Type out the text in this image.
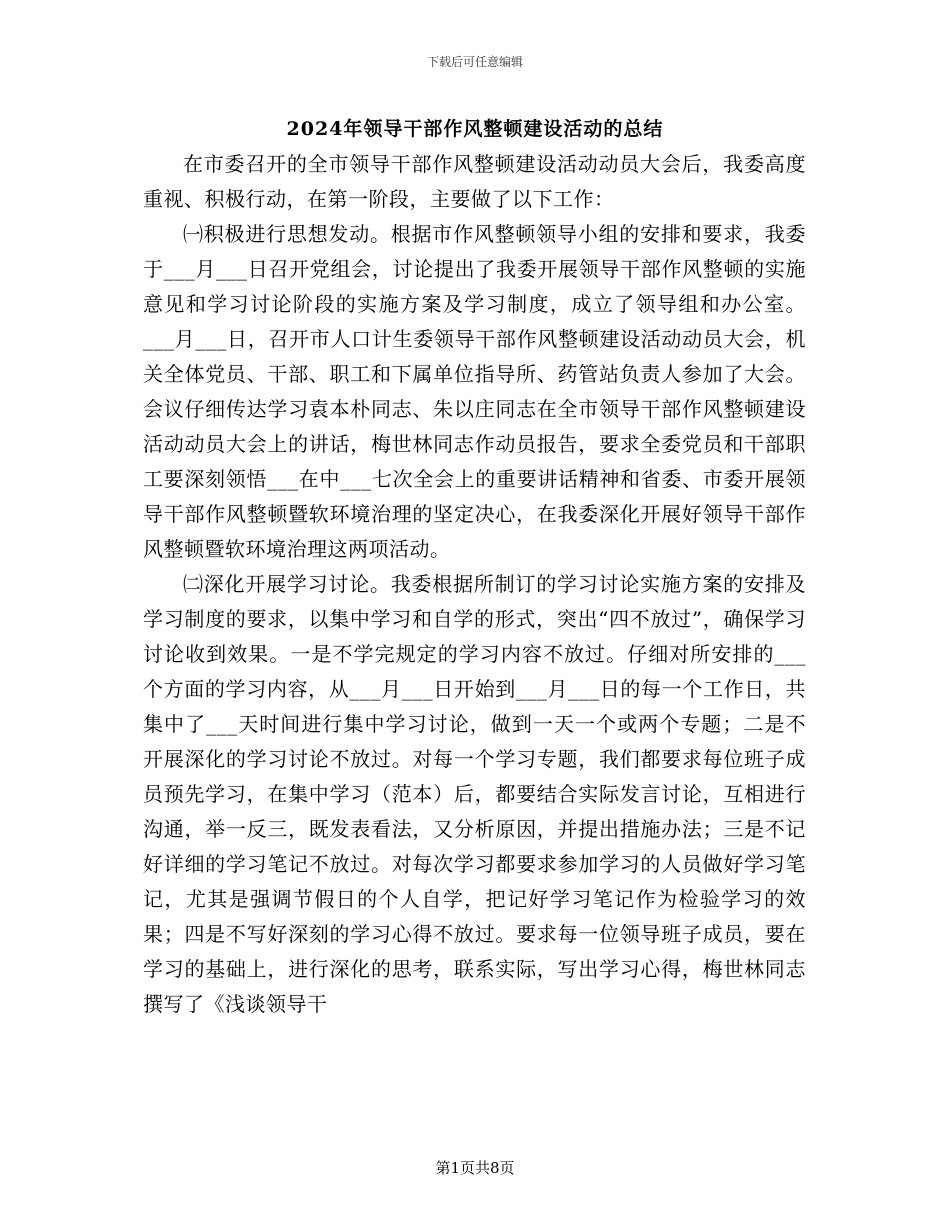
下载后可任意编辑
2024年领导干部作风整顿建设活动的总结

在市委召开的全市领导干部作风整顿建设活动动员大会后，我委高度重视、积极行动，在第一阶段，主要做了以下工作：

㈠积极进行思想发动。根据市作风整顿领导小组的安排和要求，我委于___月___日召开党组会，讨论提出了我委开展领导干部作风整顿的实施意见和学习讨论阶段的实施方案及学习制度，成立了领导组和办公室。___月___日，召开市人口计生委领导干部作风整顿建设活动动员大会，机关全体党员、干部、职工和下属单位指导所、药管站负责人参加了大会。会议仔细传达学习袁本朴同志、朱以庄同志在全市领导干部作风整顿建设活动动员大会上的讲话，梅世林同志作动员报告，要求全委党员和干部职工要深刻领悟___在中___七次全会上的重要讲话精神和省委、市委开展领导干部作风整顿暨软环境治理的坚定决心，在我委深化开展好领导干部作风整顿暨软环境治理这两项活动。

㈡深化开展学习讨论。我委根据所制订的学习讨论实施方案的安排及学习制度的要求，以集中学习和自学的形式，突出“四不放过”，确保学习讨论收到效果。一是不学完规定的学习内容不放过。仔细对所安排的___个方面的学习内容，从___月___日开始到___月___日的每一个工作日，共集中了___天时间进行集中学习讨论，做到一天一个或两个专题；二是不开展深化的学习讨论不放过。对每一个学习专题，我们都要求每位班子成员预先学习，在集中学习（范本）后，都要结合实际发言讨论，互相进行沟通，举一反三，既发表看法，又分析原因，并提出措施办法；三是不记好详细的学习笔记不放过。对每次学习都要求参加学习的人员做好学习笔记，尤其是强调节假日的个人自学，把记好学习笔记作为检验学习的效果；四是不写好深刻的学习心得不放过。要求每一位领导班子成员，要在学习的基础上，进行深化的思考，联系实际，写出学习心得，梅世林同志撰写了《浅谈领导干

第1页共8页
